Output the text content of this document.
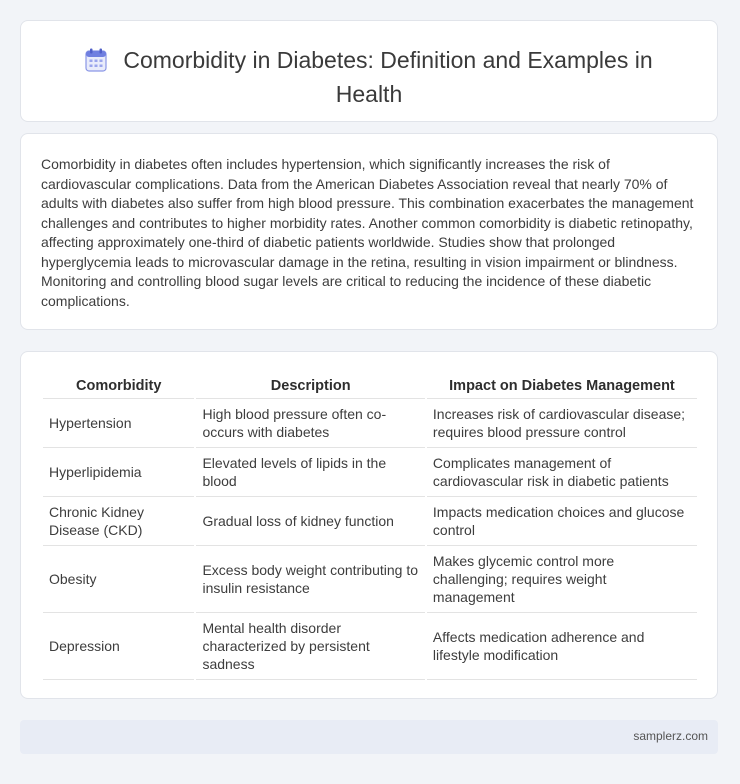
Comorbidity in Diabetes: Definition and Examples in Health

Comorbidity in diabetes often includes hypertension, which significantly increases the risk of cardiovascular complications. Data from the American Diabetes Association reveal that nearly 70% of adults with diabetes also suffer from high blood pressure. This combination exacerbates the management challenges and contributes to higher morbidity rates. Another common comorbidity is diabetic retinopathy, affecting approximately one-third of diabetic patients worldwide. Studies show that prolonged hyperglycemia leads to microvascular damage in the retina, resulting in vision impairment or blindness. Monitoring and controlling blood sugar levels are critical to reducing the incidence of these diabetic complications.

Comorbidity	Description	Impact on Diabetes Management
Hypertension	High blood pressure often co-occurs with diabetes	Increases risk of cardiovascular disease; requires blood pressure control
Hyperlipidemia	Elevated levels of lipids in the blood	Complicates management of cardiovascular risk in diabetic patients
Chronic Kidney Disease (CKD)	Gradual loss of kidney function	Impacts medication choices and glucose control
Obesity	Excess body weight contributing to insulin resistance	Makes glycemic control more challenging; requires weight management
Depression	Mental health disorder characterized by persistent sadness	Affects medication adherence and lifestyle modification
samplerz.com
